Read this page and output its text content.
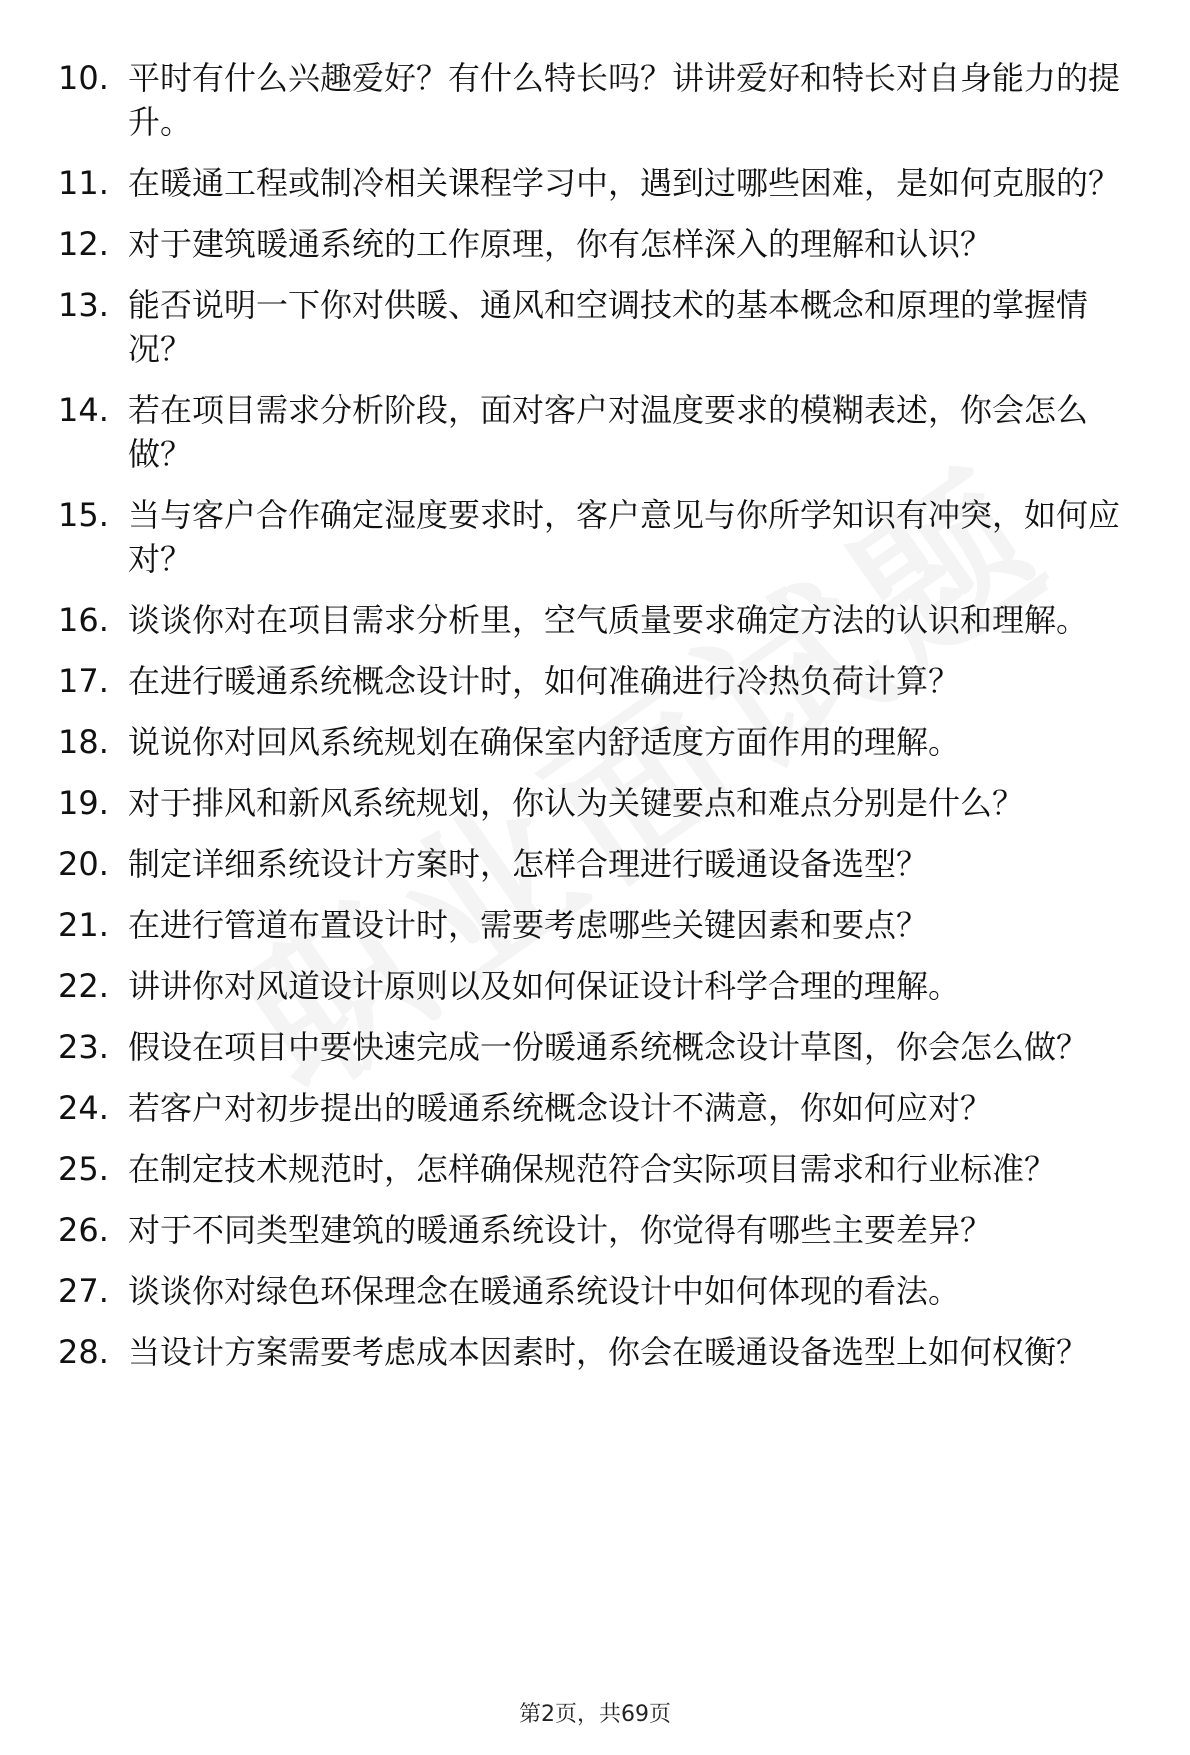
10. 平时有什么兴趣爱好？有什么特长吗？讲讲爱好和特长对自身能力的提升。
11. 在暖通工程或制冷相关课程学习中，遇到过哪些困难，是如何克服的？
12. 对于建筑暖通系统的工作原理，你有怎样深入的理解和认识？
13. 能否说明一下你对供暖、通风和空调技术的基本概念和原理的掌握情况？
14. 若在项目需求分析阶段，面对客户对温度要求的模糊表述，你会怎么做？
15. 当与客户合作确定湿度要求时，客户意见与你所学知识有冲突，如何应对？
16. 谈谈你对在项目需求分析里，空气质量要求确定方法的认识和理解。
17. 在进行暖通系统概念设计时，如何准确进行冷热负荷计算？
18. 说说你对回风系统规划在确保室内舒适度方面作用的理解。
19. 对于排风和新风系统规划，你认为关键要点和难点分别是什么？
20. 制定详细系统设计方案时，怎样合理进行暖通设备选型？
21. 在进行管道布置设计时，需要考虑哪些关键因素和要点？
22. 讲讲你对风道设计原则以及如何保证设计科学合理的理解。
23. 假设在项目中要快速完成一份暖通系统概念设计草图，你会怎么做？
24. 若客户对初步提出的暖通系统概念设计不满意，你如何应对？
25. 在制定技术规范时，怎样确保规范符合实际项目需求和行业标准？
26. 对于不同类型建筑的暖通系统设计，你觉得有哪些主要差异？
27. 谈谈你对绿色环保理念在暖通系统设计中如何体现的看法。
28. 当设计方案需要考虑成本因素时，你会在暖通设备选型上如何权衡？
第2页，共69页
